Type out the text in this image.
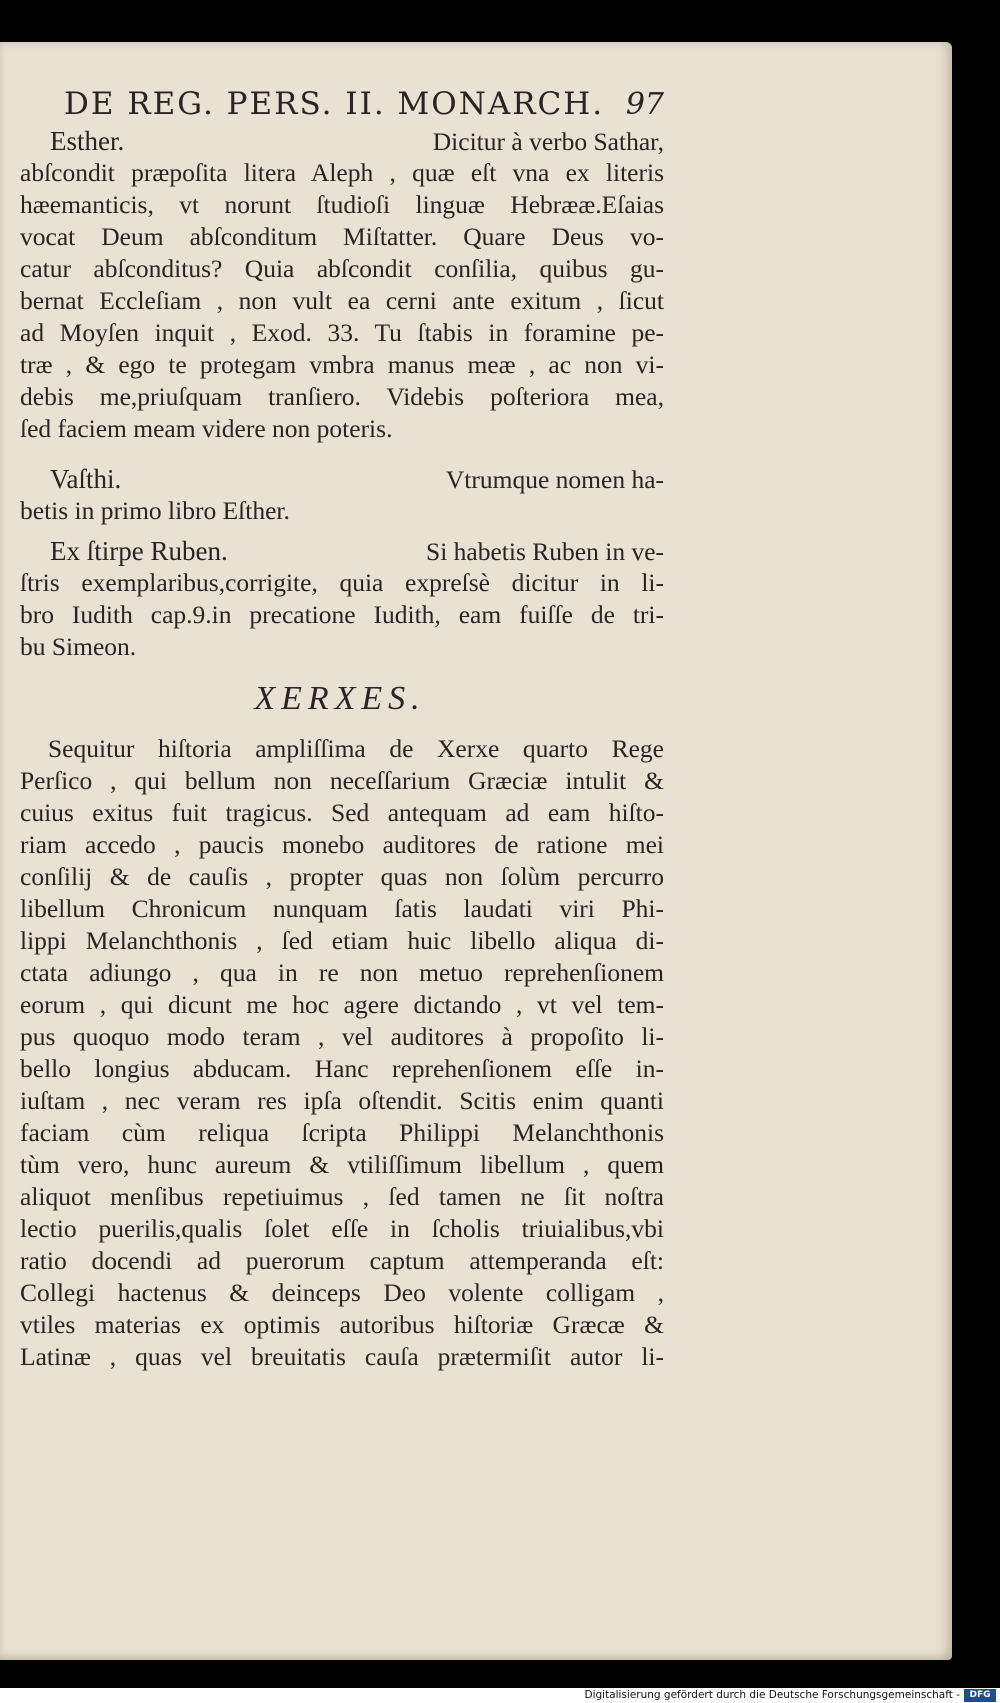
DE REG. PERS. II. MONARCH. 97
Esther.	Dicitur à verbo Sathar,
abſcondit præpoſita litera Aleph , quæ eſt vna ex literis
hæemanticis, vt norunt ſtudioſi linguæ Hebrææ.Eſaias
vocat Deum abſconditum Miſtatter. Quare Deus vo-
catur abſconditus? Quia abſcondit conſilia, quibus gu-
bernat Eccleſiam , non vult ea cerni ante exitum , ſicut
ad Moyſen inquit , Exod. 33. Tu ſtabis in foramine pe-
træ , & ego te protegam vmbra manus meæ , ac non vi-
debis me,priuſquam tranſiero. Videbis poſteriora mea,
ſed faciem meam videre non poteris.
Vaſthi.	Vtrumque nomen ha-
betis in primo libro Eſther.
Ex ſtirpe Ruben.	Si habetis Ruben in ve-
ſtris exemplaribus,corrigite, quia expreſsè dicitur in li-
bro Iudith cap.9.in precatione Iudith, eam fuiſſe de tri-
bu Simeon.
Sequitur hiſtoria ampliſſima de Xerxe quarto Rege
Perſico , qui bellum non neceſſarium Græciæ intulit &
cuius exitus fuit tragicus. Sed antequam ad eam hiſto-
riam accedo , paucis monebo auditores de ratione mei
conſilij & de cauſis , propter quas non ſolùm percurro
libellum Chronicum nunquam ſatis laudati viri Phi-
lippi Melanchthonis , ſed etiam huic libello aliqua di-
ctata adiungo , qua in re non metuo reprehenſionem
eorum , qui dicunt me hoc agere dictando , vt vel tem-
pus quoquo modo teram , vel auditores à propoſito li-
bello longius abducam. Hanc reprehenſionem eſſe in-
iuſtam , nec veram res ipſa oſtendit. Scitis enim quanti
faciam cùm reliqua ſcripta Philippi Melanchthonis
tùm vero, hunc aureum & vtiliſſimum libellum , quem
aliquot menſibus repetiuimus , ſed tamen ne ſit noſtra
lectio puerilis,qualis ſolet eſſe in ſcholis triuialibus,vbi
ratio docendi ad puerorum captum attemperanda eſt:
Collegi hactenus & deinceps Deo volente colligam ,
vtiles materias ex optimis autoribus hiſtoriæ Græcæ &
Latinæ , quas vel breuitatis cauſa prætermiſit autor li-
XERXES.
Digitalisierung gefördert durch die Deutsche Forschungsgemeinschaft -	DFG
